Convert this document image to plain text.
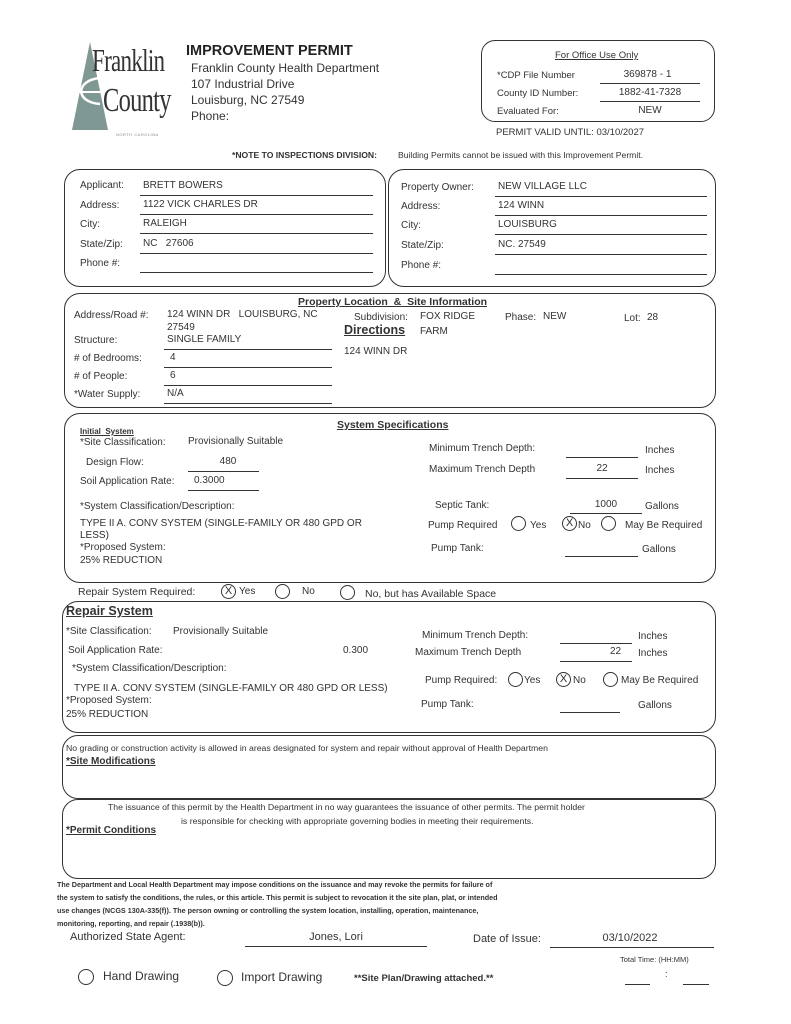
Franklin
County
NORTH CAROLINA
IMPROVEMENT PERMIT
Franklin County Health Department
107 Industrial Drive
Louisburg, NC 27549
Phone:
For Office Use Only
*CDP File Number	369878 - 1
County ID Number:	1882-41-7328
Evaluated For:	NEW
PERMIT VALID UNTIL: 03/10/2027
*NOTE TO INSPECTIONS DIVISION: Building Permits cannot be issued with this Improvement Permit.
Applicant: BRETT BOWERS
Address: 1122 VICK CHARLES DR
City:	RALEIGH
State/Zip: NC   27606
Phone #:
Property Owner: NEW VILLAGE LLC
Address:	124 WINN
City:	LOUISBURG
State/Zip:	NC. 27549
Phone #:
Property Location  &  Site Information
Address/Road #: 124 WINN DR   LOUISBURG, NC
27549
Subdivision: FOX RIDGE
FARM
Phase: NEW	Lot: 28
Directions
124 WINN DR
Structure:	SINGLE FAMILY
# of Bedrooms:	4
# of People:	6
*Water Supply:	N/A
System Specifications
Initial  System
*Site Classification: Provisionally Suitable
Design Flow:	480
Soil Application Rate: 0.3000
*System Classification/Description:
TYPE II A. CONV SYSTEM (SINGLE-FAMILY OR 480 GPD OR
LESS)
*Proposed System:
25% REDUCTION
Minimum Trench Depth:	Inches
Maximum Trench Depth	22	Inches
Septic Tank:	1000	Gallons
Pump Required	Yes	X No	May Be Required
Pump Tank:	Gallons
Repair System Required:	X Yes	No	No, but has Available Space
Repair System
*Site Classification: Provisionally Suitable
Soil Application Rate:	0.300
*System Classification/Description:
TYPE II A. CONV SYSTEM (SINGLE-FAMILY OR 480 GPD OR LESS)
*Proposed System:
25% REDUCTION
Minimum Trench Depth:	Inches
Maximum Trench Depth	22 Inches
Pump Required:	Yes	X No	May Be Required
Pump Tank:	Gallons
No grading or construction activity is allowed in areas designated for system and repair without approval of Health Departmen
*Site Modifications
The issuance of this permit by the Health Department in no way guarantees the issuance of other permits. The permit holder
is responsible for checking with appropriate governing bodies in meeting their requirements.
*Permit Conditions
The Department and Local Health Department may impose conditions on the issuance and may revoke the permits for failure of
the system to satisfy the conditions, the rules, or this article. This permit is subject to revocation it the site plan, plat, or intended
use changes (NCGS 130A-335(f)). The person owning or controlling the system location, installing, operation, maintenance,
monitoring, reporting, and repair (.1938(b)).
Authorized State Agent:	Jones, Lori	Date of Issue:	03/10/2022
Total Time: (HH:MM)
Hand Drawing	Import Drawing	**Site Plan/Drawing attached.**	:
